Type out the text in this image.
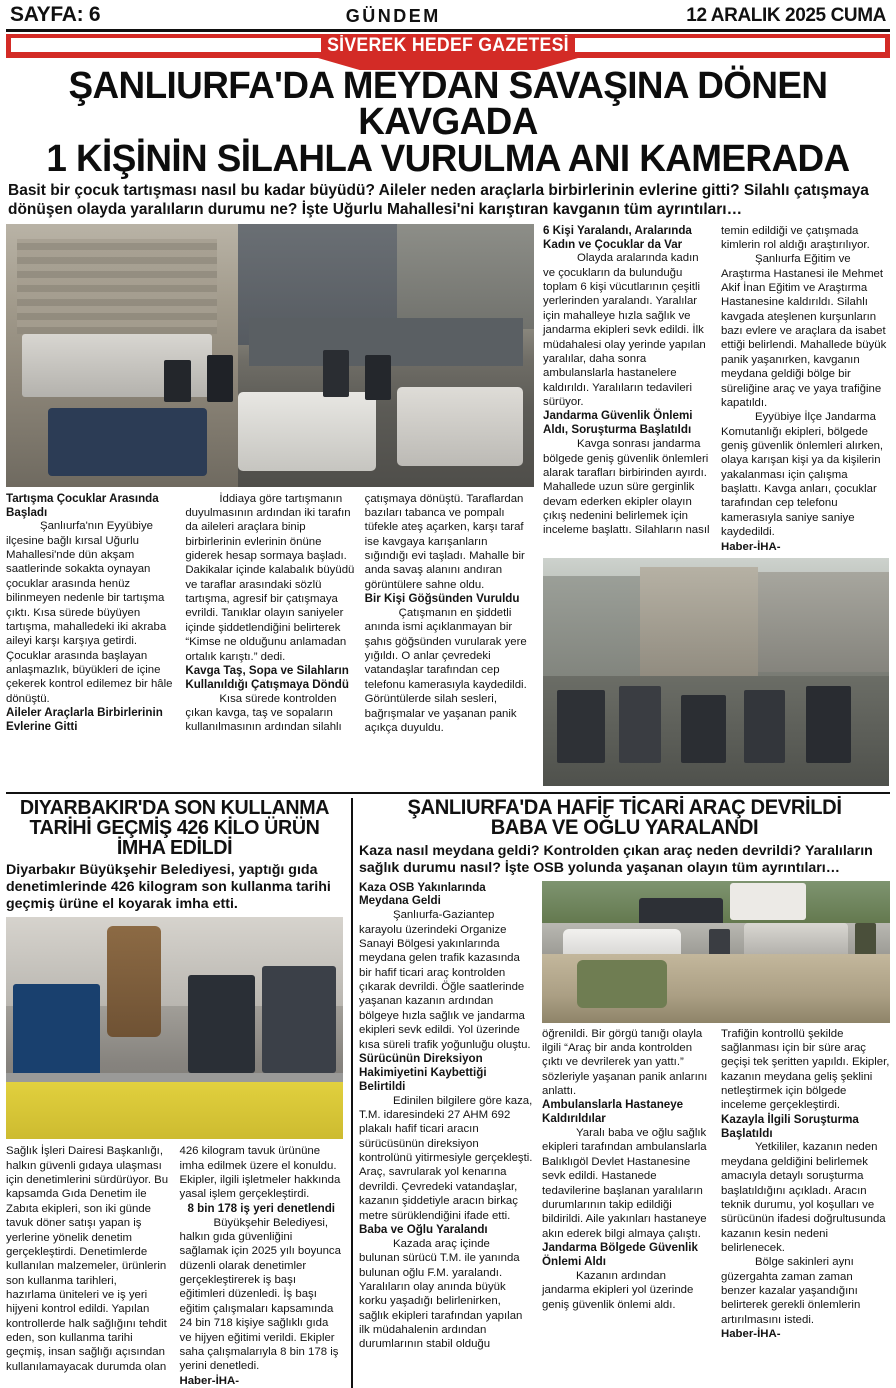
SAYFA: 6	GÜNDEM	12 ARALIK 2025 CUMA
SİVEREK HEDEF GAZETESİ
ŞANLIURFA'DA MEYDAN SAVAŞINA DÖNEN KAVGADA
1 KİŞİNİN SİLAHLA VURULMA ANI KAMERADA
Basit bir çocuk tartışması nasıl bu kadar büyüdü? Aileler neden araçlarla birbirlerinin evlerine gitti? Silahlı çatışmaya dönüşen olayda yaralıların durumu ne? İşte Uğurlu Mahallesi'ni karıştıran kavganın tüm ayrıntıları…

Tartışma Çocuklar Arasında Başladı

Şanlıurfa'nın Eyyübiye ilçesine bağlı kırsal Uğurlu Mahallesi'nde dün akşam saatlerinde sokakta oynayan çocuklar arasında henüz bilinmeyen nedenle bir tartışma çıktı. Kısa sürede büyüyen tartışma, mahalledeki iki akraba aileyi karşı karşıya getirdi. Çocuklar arasında başlayan anlaşmazlık, büyükleri de içine çekerek kontrol edilemez bir hâle dönüştü.

Aileler Araçlarla Birbirlerinin Evlerine Gitti

İddiaya göre tartışmanın duyulmasının ardından iki tarafın da aileleri araçlara binip birbirlerinin evlerinin önüne giderek hesap sormaya başladı. Dakikalar içinde kalabalık büyüdü ve taraflar arasındaki sözlü tartışma, agresif bir çatışmaya evrildi. Tanıklar olayın saniyeler içinde şiddetlendiğini belirterek “Kimse ne olduğunu anlamadan ortalık karıştı.” dedi.

Kavga Taş, Sopa ve Silahların Kullanıldığı Çatışmaya Döndü

Kısa sürede kontrolden çıkan kavga, taş ve sopaların kullanılmasının ardından silahlı

çatışmaya dönüştü. Taraflardan bazıları tabanca ve pompalı tüfekle ateş açarken, karşı taraf ise kavgaya karışanların sığındığı evi taşladı. Mahalle bir anda savaş alanını andıran görüntülere sahne oldu.

Bir Kişi Göğsünden Vuruldu

Çatışmanın en şiddetli anında ismi açıklanmayan bir şahıs göğsünden vurularak yere yığıldı. O anlar çevredeki vatandaşlar tarafından cep telefonu kamerasıyla kaydedildi. Görüntülerde silah sesleri, bağrışmalar ve yaşanan panik açıkça duyuldu.

6 Kişi Yaralandı, Aralarında Kadın ve Çocuklar da Var

Olayda aralarında kadın ve çocukların da bulunduğu toplam 6 kişi vücutlarının çeşitli yerlerinden yaralandı. Yaralılar için mahalleye hızla sağlık ve jandarma ekipleri sevk edildi. İlk müdahalesi olay yerinde yapılan yaralılar, daha sonra ambulanslarla hastanelere kaldırıldı. Yaralıların tedavileri sürüyor.

Jandarma Güvenlik Önlemi Aldı, Soruşturma Başlatıldı

Kavga sonrası jandarma bölgede geniş güvenlik önlemleri alarak tarafları birbirinden ayırdı. Mahallede uzun süre gerginlik devam ederken ekipler olayın çıkış nedenini belirlemek için inceleme başlattı. Silahların nasıl

temin edildiği ve çatışmada kimlerin rol aldığı araştırılıyor.

Şanlıurfa Eğitim ve Araştırma Hastanesi ile Mehmet Akif İnan Eğitim ve Araştırma Hastanesine kaldırıldı. Silahlı kavgada ateşlenen kurşunların bazı evlere ve araçlara da isabet ettiği belirlendi. Mahallede büyük panik yaşanırken, kavganın meydana geldiği bölge bir süreliğine araç ve yaya trafiğine kapatıldı.

Eyyübiye İlçe Jandarma Komutanlığı ekipleri, bölgede geniş güvenlik önlemleri alırken, olaya karışan kişi ya da kişilerin yakalanması için çalışma başlattı. Kavga anları, çocuklar tarafından cep telefonu kamerasıyla saniye saniye kaydedildi.

Haber-İHA-

DIYARBAKIR'DA SON KULLANMA
TARİHİ GEÇMİŞ 426 KİLO ÜRÜN İMHA EDİLDİ
Diyarbakır Büyükşehir Belediyesi, yaptığı gıda denetimlerinde 426 kilogram son kullanma tarihi geçmiş ürüne el koyarak imha etti.

Sağlık İşleri Dairesi Başkanlığı, halkın güvenli gıdaya ulaşması için denetimlerini sürdürüyor. Bu kapsamda Gıda Denetim ile Zabıta ekipleri, son iki günde tavuk döner satışı yapan iş yerlerine yönelik denetim gerçekleştirdi. Denetimlerde kullanılan malzemeler, ürünlerin son kullanma tarihleri, hazırlama üniteleri ve iş yeri hijyeni kontrol edildi. Yapılan kontrollerde halk sağlığını tehdit eden, son kullanma tarihi geçmiş, insan sağlığı açısından kullanılamayacak durumda olan

426 kilogram tavuk ürününe imha edilmek üzere el konuldu. Ekipler, ilgili işletmeler hakkında yasal işlem gerçekleştirdi.

8 bin 178 iş yeri denetlendi

Büyükşehir Belediyesi, halkın gıda güvenliğini sağlamak için 2025 yılı boyunca düzenli olarak denetimler gerçekleştirerek iş başı eğitimleri düzenledi. İş başı eğitim çalışmaları kapsamında 24 bin 718 kişiye sağlıklı gıda ve hijyen eğitimi verildi. Ekipler saha çalışmalarıyla 8 bin 178 iş yerini denetledi.

Haber-İHA-

ŞANLIURFA'DA HAFİF TİCARİ ARAÇ DEVRİLDİ
BABA VE OĞLU YARALANDI
Kaza nasıl meydana geldi? Kontrolden çıkan araç neden devrildi? Yaralıların sağlık durumu nasıl? İşte OSB yolunda yaşanan olayın tüm ayrıntıları…

Kaza OSB Yakınlarında Meydana Geldi

Şanlıurfa-Gaziantep karayolu üzerindeki Organize Sanayi Bölgesi yakınlarında meydana gelen trafik kazasında bir hafif ticari araç kontrolden çıkarak devrildi. Öğle saatlerinde yaşanan kazanın ardından bölgeye hızla sağlık ve jandarma ekipleri sevk edildi. Yol üzerinde kısa süreli trafik yoğunluğu oluştu.

Sürücünün Direksiyon Hakimiyetini Kaybettiği Belirtildi

Edinilen bilgilere göre kaza, T.M. idaresindeki 27 AHM 692 plakalı hafif ticari aracın sürücüsünün direksiyon kontrolünü yitirmesiyle gerçekleşti. Araç, savrularak yol kenarına devrildi. Çevredeki vatandaşlar, kazanın şiddetiyle aracın birkaç metre sürüklendiğini ifade etti.

Baba ve Oğlu Yaralandı

Kazada araç içinde bulunan sürücü T.M. ile yanında bulunan oğlu F.M. yaralandı. Yaralıların olay anında büyük korku yaşadığı belirlenirken, sağlık ekipleri tarafından yapılan ilk müdahalenin ardından durumlarının stabil olduğu

öğrenildi. Bir görgü tanığı olayla ilgili “Araç bir anda kontrolden çıktı ve devrilerek yan yattı.” sözleriyle yaşanan panik anlarını anlattı.

Ambulanslarla Hastaneye Kaldırıldılar

Yaralı baba ve oğlu sağlık ekipleri tarafından ambulanslarla Balıklıgöl Devlet Hastanesine sevk edildi. Hastanede tedavilerine başlanan yaralıların durumlarının takip edildiği bildirildi. Aile yakınları hastaneye akın ederek bilgi almaya çalıştı.

Jandarma Bölgede Güvenlik Önlemi Aldı

Kazanın ardından jandarma ekipleri yol üzerinde geniş güvenlik önlemi aldı.

Trafiğin kontrollü şekilde sağlanması için bir süre araç geçişi tek şeritten yapıldı. Ekipler, kazanın meydana geliş şeklini netleştirmek için bölgede inceleme gerçekleştirdi.

Kazayla İlgili Soruşturma Başlatıldı

Yetkililer, kazanın neden meydana geldiğini belirlemek amacıyla detaylı soruşturma başlatıldığını açıkladı. Aracın teknik durumu, yol koşulları ve sürücünün ifadesi doğrultusunda kazanın kesin nedeni belirlenecek.

Bölge sakinleri aynı güzergahta zaman zaman benzer kazalar yaşandığını belirterek gerekli önlemlerin artırılmasını istedi.

Haber-İHA-
